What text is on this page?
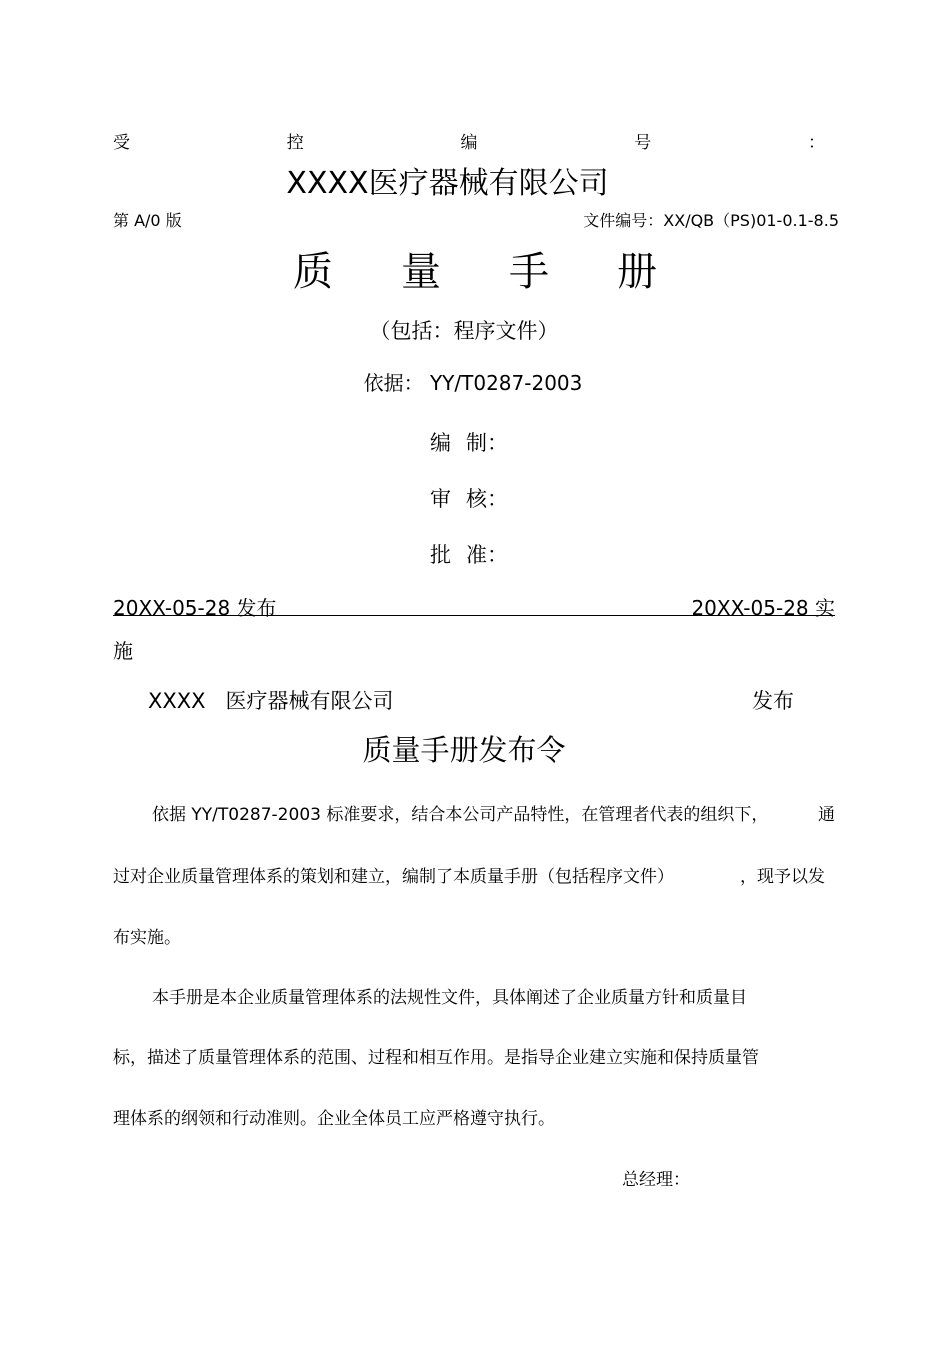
受	控	编	号	：
XXXX医疗器械有限公司
第 A/0 版	文件编号：XX/QB（PS)01-0.1-8.5
质 量 手 册
（包括：程序文件）
依据： YY/T0287-2003
编 制：
审 核：
批 准：
20XX-05-28 发布	20XX-05-28 实
施
XXXX 医疗器械有限公司	发布
质量手册发布令
依据 YY/T0287-2003 标准要求，结合本公司产品特性，在管理者代表的组织下，	通
过对企业质量管理体系的策划和建立，编制了本质量手册（包括程序文件）	，现予以发
布实施。
本手册是本企业质量管理体系的法规性文件，具体阐述了企业质量方针和质量目
标，描述了质量管理体系的范围、过程和相互作用。是指导企业建立实施和保持质量管
理体系的纲领和行动准则。企业全体员工应严格遵守执行。
总经理：
